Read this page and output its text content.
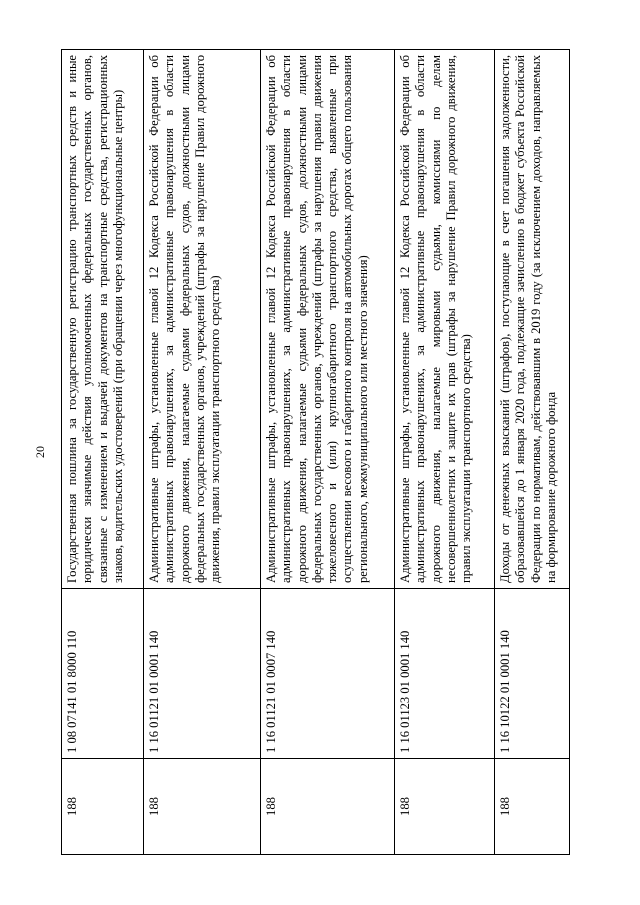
20
188	1 08 07141 01 8000 110	Государственная пошлина за государственную регистрацию транспортных средств и иные юридически значимые действия уполномоченных федеральных государственных органов, связанные с изменением и выдачей документов на транспортные средства, регистрационных знаков, водительских удостоверений (при обращении через многофункциональные центры)
188	1 16 01121 01 0001 140	Административные штрафы, установленные главой 12 Кодекса Российской Федерации об административных правонарушениях, за административные правонарушения в области дорожного движения, налагаемые судьями федеральных судов, должностными лицами федеральных государственных органов, учреждений (штрафы за нарушение Правил дорожного движения, правил эксплуатации транспортного средства)
188	1 16 01121 01 0007 140	Административные штрафы, установленные главой 12 Кодекса Российской Федерации об административных правонарушениях, за административные правонарушения в области дорожного движения, налагаемые судьями федеральных судов, должностными лицами федеральных государственных органов, учреждений (штрафы за нарушения правил движения тяжеловесного и (или) крупногабаритного транспортного средства, выявленные при осуществлении весового и габаритного контроля на автомобильных дорогах общего пользования регионального, межмуниципального или местного значения)
188	1 16 01123 01 0001 140	Административные штрафы, установленные главой 12 Кодекса Российской Федерации об административных правонарушениях, за административные правонарушения в области дорожного движения, налагаемые мировыми судьями, комиссиями по делам несовершеннолетних и защите их прав (штрафы за нарушение Правил дорожного движения, правил эксплуатации транспортного средства)
188	1 16 10122 01 0001 140	Доходы от денежных взысканий (штрафов), поступающие в счет погашения задолженности, образовавшейся до 1 января 2020 года, подлежащие зачислению в бюджет субъекта Российской Федерации по нормативам, действовавшим в 2019 году (за исключением доходов, направляемых на формирование дорожного фонда
